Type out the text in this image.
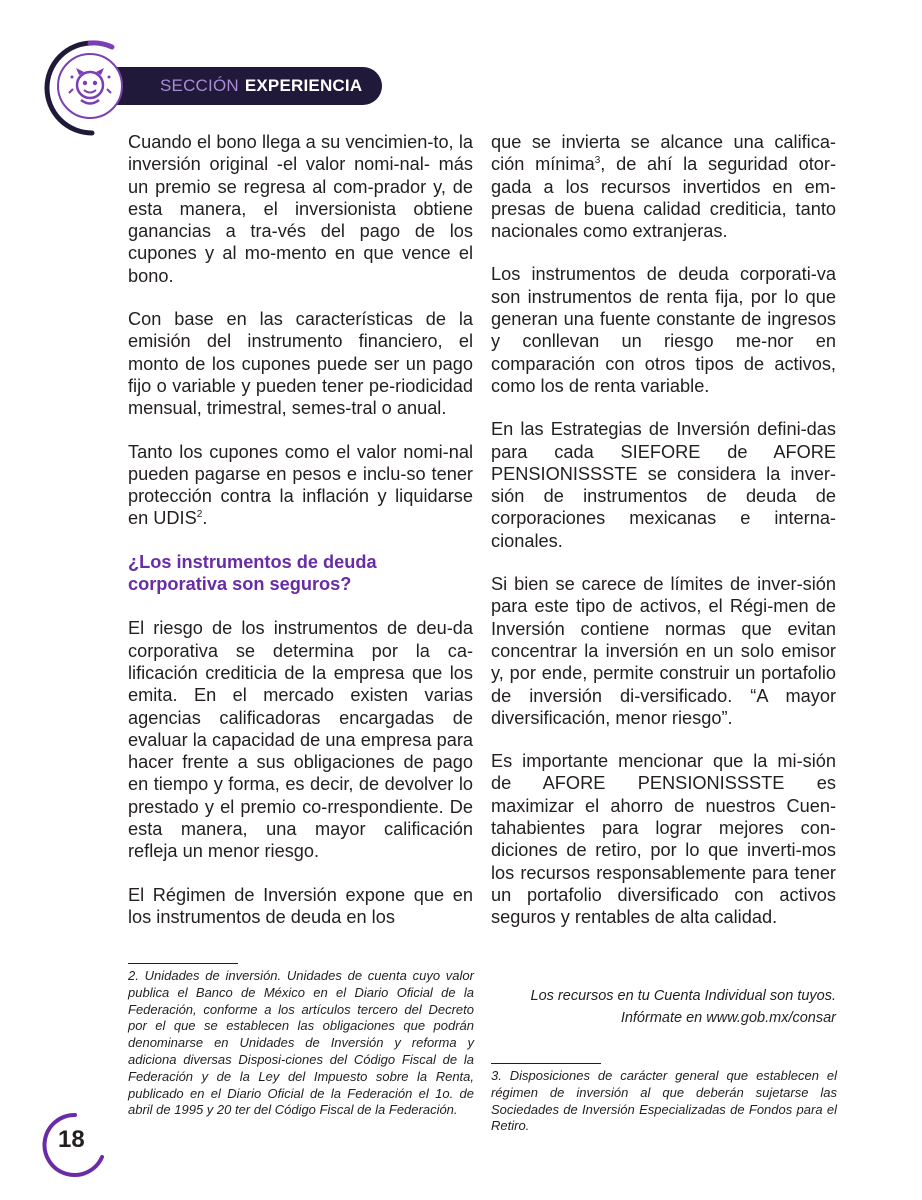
SECCIÓN EXPERIENCIA

Cuando el bono llega a su vencimien-to, la inversión original -el valor nomi-nal- más un premio se regresa al com-prador y, de esta manera, el inversionista obtiene ganancias a tra-vés del pago de los cupones y al mo-mento en que vence el bono.

Con base en las características de la emisión del instrumento financiero, el monto de los cupones puede ser un pago fijo o variable y pueden tener pe-riodicidad mensual, trimestral, semes-tral o anual.

Tanto los cupones como el valor nomi-nal pueden pagarse en pesos e inclu-so tener protección contra la inflación y liquidarse en UDIS$^2$.

¿Los instrumentos de deuda corporativa son seguros?

El riesgo de los instrumentos de deu-da corporativa se determina por la ca-lificación crediticia de la empresa que los emita. En el mercado existen varias agencias calificadoras encargadas de evaluar la capacidad de una empresa para hacer frente a sus obligaciones de pago en tiempo y forma, es decir, de devolver lo prestado y el premio co-rrespondiente. De esta manera, una mayor calificación refleja un menor riesgo.

El Régimen de Inversión expone que en los instrumentos de deuda en los

que se invierta se alcance una califica-ción mínima$^3$, de ahí la seguridad otor-gada a los recursos invertidos en em-presas de buena calidad crediticia, tanto nacionales como extranjeras.

Los instrumentos de deuda corporati-va son instrumentos de renta fija, por lo que generan una fuente constante de ingresos y conllevan un riesgo me-nor en comparación con otros tipos de activos, como los de renta variable.

En las Estrategias de Inversión defini-das para cada SIEFORE de AFORE PENSIONISSSTE se considera la inver-sión de instrumentos de deuda de corporaciones mexicanas e interna-cionales.

Si bien se carece de límites de inver-sión para este tipo de activos, el Régi-men de Inversión contiene normas que evitan concentrar la inversión en un solo emisor y, por ende, permite construir un portafolio de inversión di-versificado. “A mayor diversificación, menor riesgo”.

Es importante mencionar que la mi-sión de AFORE PENSIONISSSTE es maximizar el ahorro de nuestros Cuen-tahabientes para lograr mejores con-diciones de retiro, por lo que inverti-mos los recursos responsablemente para tener un portafolio diversificado con activos seguros y rentables de alta calidad.

Los recursos en tu Cuenta Individual son tuyos.
Infórmate en www.gob.mx/consar
2. Unidades de inversión. Unidades de cuenta cuyo valor publica el Banco de México en el Diario Oficial de la Federación, conforme a los artículos tercero del Decreto por el que se establecen las obligaciones que podrán denominarse en Unidades de Inversión y reforma y adiciona diversas Disposi-ciones del Código Fiscal de la Federación y de la Ley del Impuesto sobre la Renta, publicado en el Diario Oficial de la Federación el 1o. de abril de 1995 y 20 ter del Código Fiscal de la Federación.
3. Disposiciones de carácter general que establecen el régimen de inversión al que deberán sujetarse las Sociedades de Inversión Especializadas de Fondos para el Retiro.
18
